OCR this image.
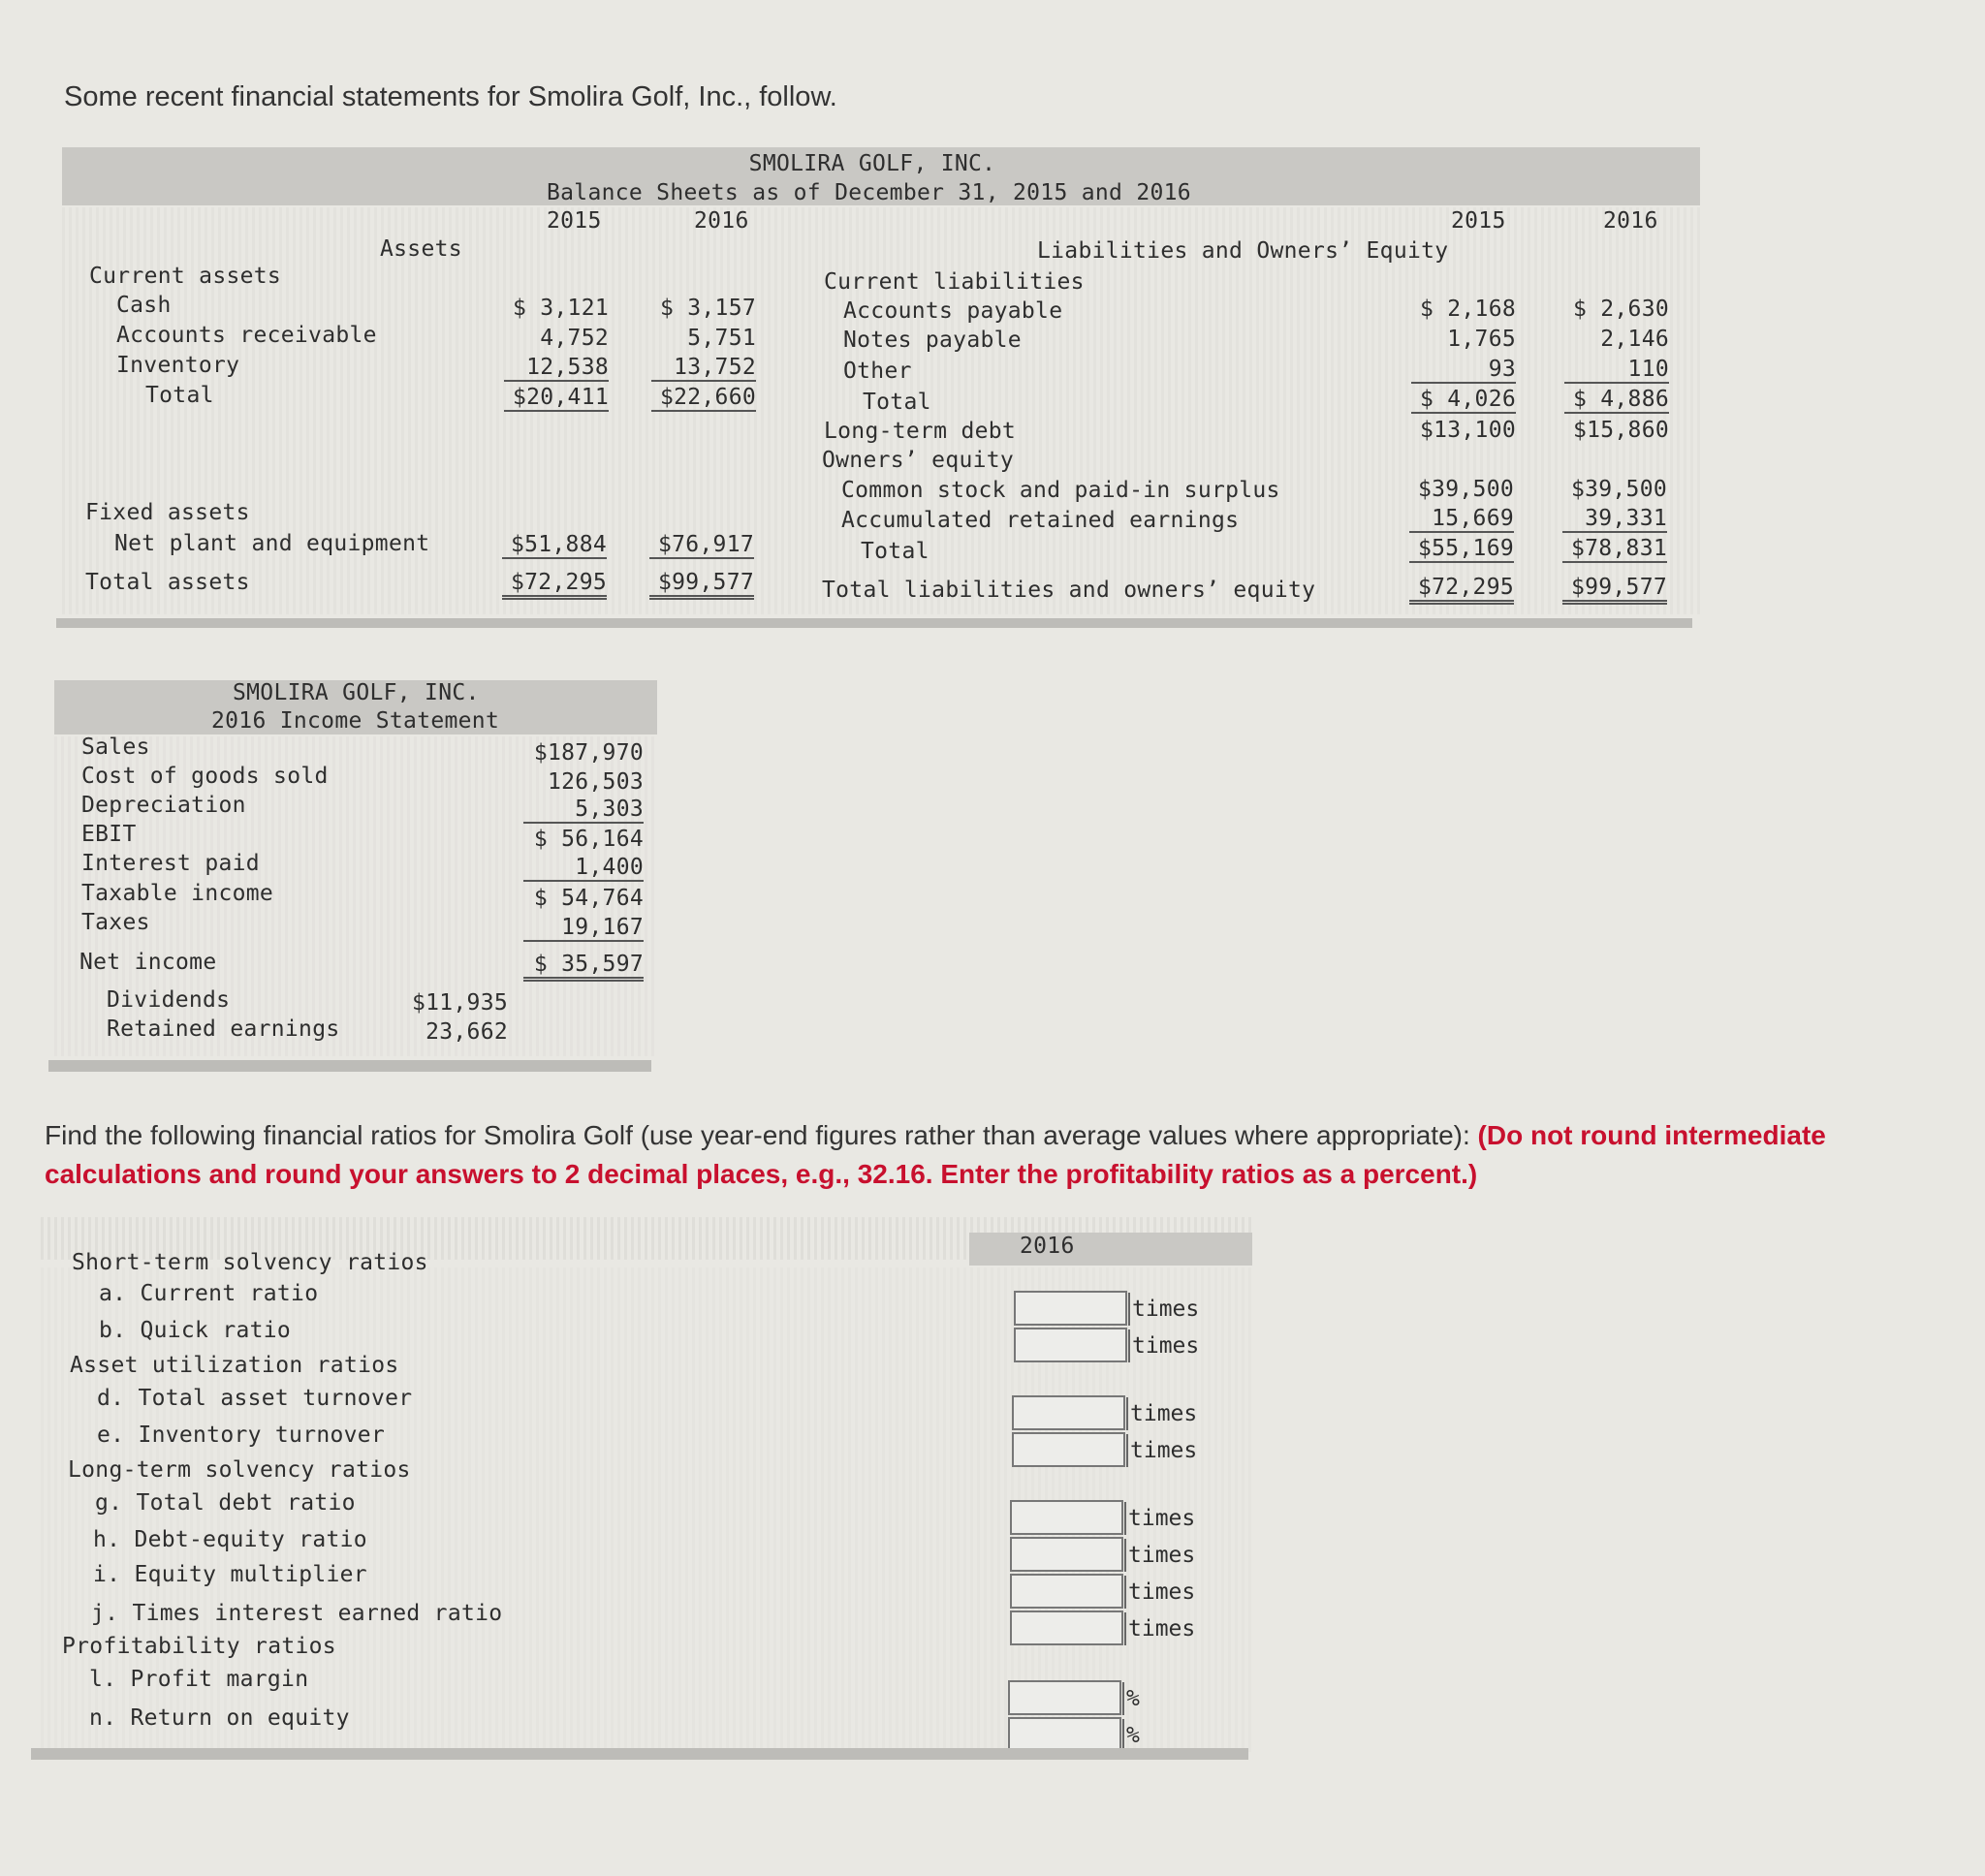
Some recent financial statements for Smolira Golf, Inc., follow.
SMOLIRA GOLF, INC.
Balance Sheets as of December 31, 2015 and 2016
2015	2016	2015	2016
Assets	Liabilities and Owners’ Equity
Current assets
Cash	$ 3,121	$ 3,157
Accounts receivable	4,752	5,751
Inventory	12,538	13,752
Total	$20,411	$22,660
Fixed assets
Net plant and equipment	$51,884	$76,917
Total assets	$72,295	$99,577
Current liabilities
Accounts payable	$ 2,168	$ 2,630
Notes payable	1,765	2,146
Other	93	110
Total	$ 4,026	$ 4,886
Long-term debt	$13,100	$15,860
Owners’ equity
Common stock and paid-in surplus	$39,500	$39,500
Accumulated retained earnings	15,669	39,331
Total	$55,169	$78,831
Total liabilities and owners’ equity	$72,295	$99,577
SMOLIRA GOLF, INC.
2016 Income Statement
Sales	$187,970
Cost of goods sold	126,503
Depreciation	5,303
EBIT	$ 56,164
Interest paid	1,400
Taxable income	$ 54,764
Taxes	19,167
Net income	$ 35,597
Dividends	$11,935
Retained earnings	23,662
Find the following financial ratios for Smolira Golf (use year-end figures rather than average values where appropriate): (Do not round intermediate calculations and round your answers to 2 decimal places, e.g., 32.16. Enter the profitability ratios as a percent.)
2016
Short-term solvency ratios
a. Current ratio
times
b. Quick ratio
times
Asset utilization ratios
d. Total asset turnover
times
e. Inventory turnover
times
Long-term solvency ratios
g. Total debt ratio
times
h. Debt-equity ratio
times
i. Equity multiplier
times
j. Times interest earned ratio
times
Profitability ratios
l. Profit margin
%
n. Return on equity
%
